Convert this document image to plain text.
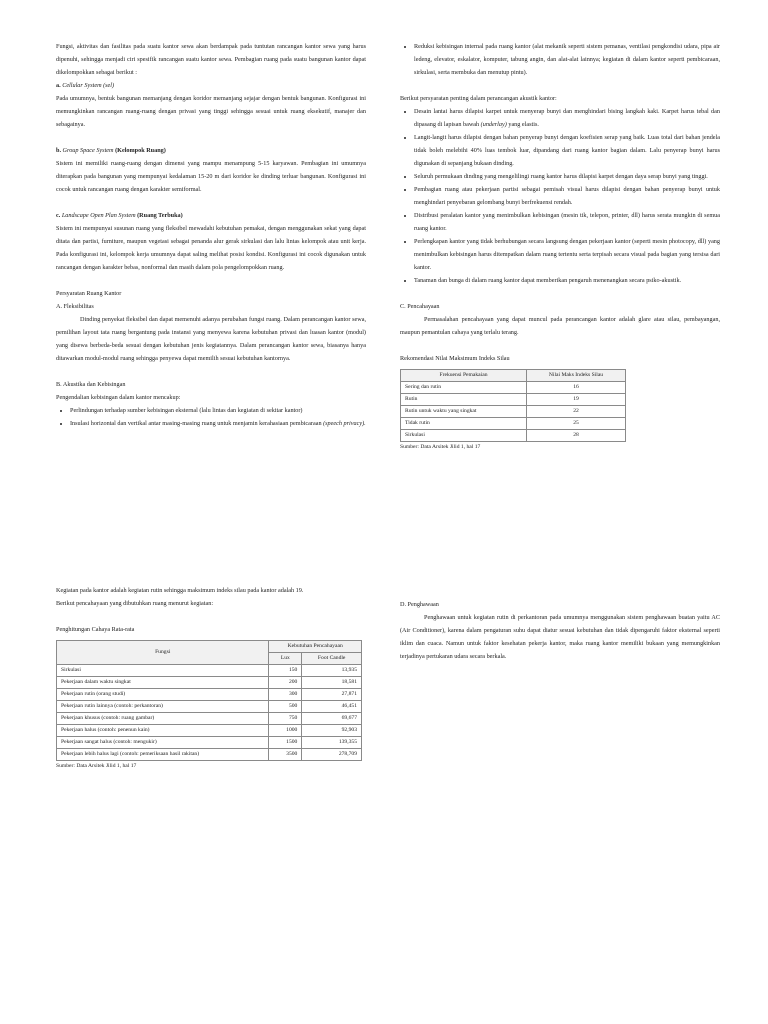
Fungsi, aktivitas dan fasilitas pada suatu kantor sewa akan berdampak pada tuntutan rancangan kantor sewa yang harus dipenuhi, sehingga menjadi ciri spesifik rancangan suatu kantor sewa. Pembagian ruang pada suatu bangunan kantor dapat dikelompokkan sebagai berikut :

a. Cellular System (sel)

Pada umumnya, bentuk bangunan memanjang dengan koridor memanjang sejajar dengan bentuk bangunan. Konfigurasi ini memungkinkan rancangan ruang-ruang dengan privasi yang tinggi sehingga sesuai untuk ruang eksekutif, manajer dan sebagainya.

b. Group Space System (Kelompok Ruang)

Sistem ini memiliki ruang-ruang dengan dimensi yang mampu menampung 5-15 karyawan. Pembagian ini umumnya diterapkan pada bangunan yang mempunyai kedalaman 15-20 m dari koridor ke dinding terluar bangunan. Konfigurasi ini cocok untuk rancangan ruang dengan karakter semiformal.

c. Landscape Open Plan System (Ruang Terbuka)

Sistem ini mempunyai susunan ruang yang fleksibel mewadahi kebutuhan pemakai, dengan menggunakan sekat yang dapat ditata dan partisi, furniture, maupun vegetasi sebagai penanda alur gerak sirkulasi dan lalu lintas kelompok atau unit kerja. Pada konfigurasi ini, kelompok kerja umumnya dapat saling melihat posisi kondisi. Konfigurasi ini cocok digunakan untuk rancangan dengan karakter bebas, nonformal dan masih dalam pola pengelompokkan ruang.

Persyaratan Ruang Kantor

A. Fleksibilitas

Dinding penyekat fleksibel dan dapat memenuhi adanya perubahan fungsi ruang. Dalam perancangan kantor sewa, pemilihan layout tata ruang bergantung pada instansi yang menyewa karena kebutuhan privasi dan luasan kantor (modul) yang disewa berbeda-beda sesuai dengan kebutuhan jenis kegiatannya. Dalam perancangan kantor sewa, biasanya hanya ditawarkan modul-modul ruang sehingga penyewa dapat memilih sesuai kebutuhan kantornya.

B. Akustika dan Kebisingan

Pengendalian kebisingan dalam kantor mencakup:

• Perlindungan terhadap sumber kebisingan eksternal (lalu lintas dan kegiatan di sekitar kantor)
• Insulasi horizontal dan vertikal antar masing-masing ruang untuk menjamin kerahasiaan pembicaraan (speech privacy).
• Reduksi kebisingan internal pada ruang kantor (alat mekanik seperti sistem pemanas, ventilasi pengkondisi udara, pipa air ledeng, elevator, eskalator, komputer, tabung angin, dan alat-alat lainnya; kegiatan di dalam kantor seperti pembicaraan, sirkulasi, serta membuka dan menutup pintu).

Berikut persyaratan penting dalam perancangan akustik kantor:

• Desain lantai harus dilapisi karpet untuk menyerap bunyi dan menghindari bising langkah kaki. Karpet harus tebal dan dipasang di lapisan bawah (underlay) yang elastis.
• Langit-langit harus dilapisi dengan bahan penyerap bunyi dengan koefisien serap yang baik. Luas total dari bahan jendela tidak boleh melebihi 40% luas tembok luar, dipandang dari ruang kantor bagian dalam. Lalu penyerap bunyi harus digunakan di sepanjang bukaan dinding.
• Seluruh permukaan dinding yang mengelilingi ruang kantor harus dilapisi karpet dengan daya serap bunyi yang tinggi.
• Pembagian ruang atau pekerjaan partisi sebagai pemisah visual harus dilapisi dengan bahan penyerap bunyi untuk menghindari penyebaran gelombang bunyi berfrekuensi rendah.
• Distribusi peralatan kantor yang menimbulkan kebisingan (mesin tik, telepon, printer, dll) harus serata mungkin di semua ruang kantor.
• Perlengkapan kantor yang tidak berhubungan secara langsung dengan pekerjaan kantor (seperti mesin photocopy, dll) yang menimbulkan kebisingan harus ditempatkan dalam ruang tertentu serta terpisah secara visual pada bagian yang tersisa dari kantor.
• Tanaman dan bunga di dalam ruang kantor dapat memberikan pengaruh menenangkan secara psiko-akustik.

C. Pencahayaan

Permasalahan pencahayaan yang dapat muncul pada perancangan kantor adalah glare atau silau, pembayangan, maupun pemantulan cahaya yang terlalu terang.

Rekomendasi Nilai Maksimum Indeks Silau

Frekuensi Pemakaian	Nilai Maks Indeks Silau
Sering dan rutin	16
Rutin	19
Rutin untuk waktu yang singkat	22
Tidak rutin	25
Sirkulasi	28
Sumber: Data Arsitek Jilid 1, hal 17

Kegiatan pada kantor adalah kegiatan rutin sehingga maksimum indeks silau pada kantor adalah 19.

Berikut pencahayaan yang dibutuhkan ruang menurut kegiatan:

Penghitungan Cahaya Rata-rata

Fungsi	Kebutuhan Pencahayaan	
	Lux	Foot Candle
Sirkulasi	150	13,935
Pekerjaan dalam waktu singkat	200	18,581
Pekerjaan rutin (orang studi)	300	27,871
Pekerjaan rutin lainnya (contoh: perkantoran)	500	46,451
Pekerjaan khusus (contoh: ruang gambar)	750	69,677
Pekerjaan halus (contoh: penenun kain)	1000	92,903
Pekerjaan sangat halus (contoh: mengukir)	1500	139,355
Pekerjaan lebih halus lagi (contoh: pemeriksaan hasil rakitan)	3500	278,709
Sumber: Data Arsitek Jilid 1, hal 17

D. Penghawaan

Penghawaan untuk kegiatan rutin di perkantoran pada umumnya menggunakan sistem penghawaan buatan yaitu AC (Air Conditioner), karena dalam pengaturan suhu dapat diatur sesuai kebutuhan dan tidak dipengaruhi faktor eksternal seperti iklim dan cuaca. Namun untuk faktor kesehatan pekerja kantor, maka ruang kantor memiliki bukaan yang memungkinkan terjadinya pertukaran udara secara berkala.
